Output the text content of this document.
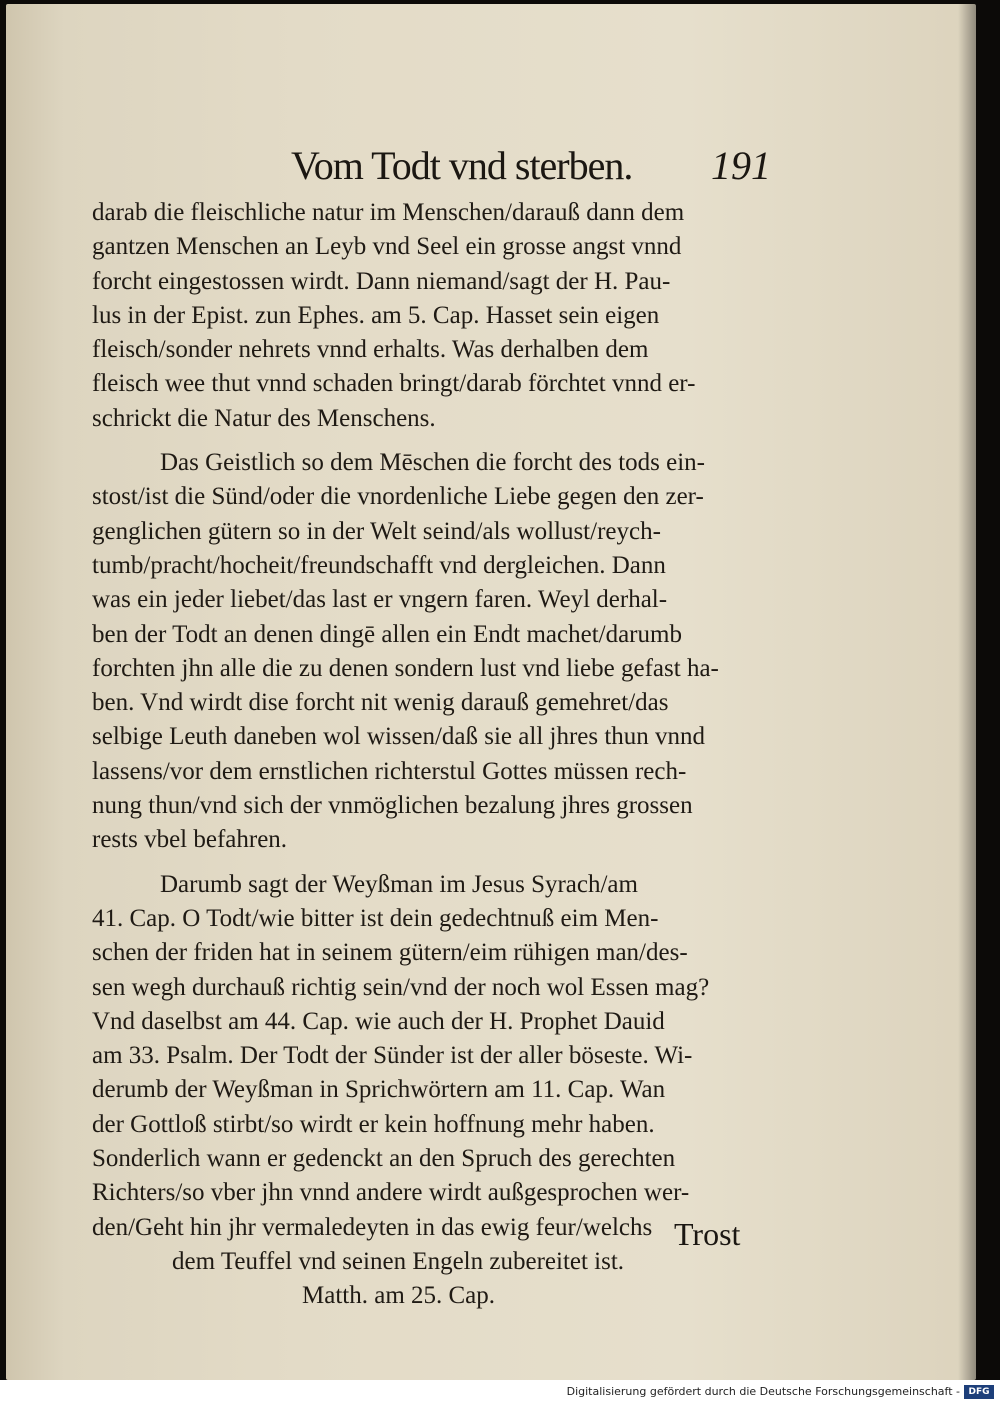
Vom Todt vnd sterben. 191
darab die fleischliche natur im Menschen/darauß dann dem
gantzen Menschen an Leyb vnd Seel ein grosse angst vnnd
forcht eingestossen wirdt. Dann niemand/sagt der H. Pau-
lus in der Epist. zun Ephes. am 5. Cap. Hasset sein eigen
fleisch/sonder nehrets vnnd erhalts. Was derhalben dem
fleisch wee thut vnnd schaden bringt/darab förchtet vnnd er-
schrickt die Natur des Menschens.
Das Geistlich so dem Mēschen die forcht des tods ein-
stost/ist die Sünd/oder die vnordenliche Liebe gegen den zer-
genglichen gütern so in der Welt seind/als wollust/reych-
tumb/pracht/hocheit/freundschafft vnd dergleichen. Dann
was ein jeder liebet/das last er vngern faren. Weyl derhal-
ben der Todt an denen dingē allen ein Endt machet/darumb
forchten jhn alle die zu denen sondern lust vnd liebe gefast ha-
ben. Vnd wirdt dise forcht nit wenig darauß gemehret/das
selbige Leuth daneben wol wissen/daß sie all jhres thun vnnd
lassens/vor dem ernstlichen richterstul Gottes müssen rech-
nung thun/vnd sich der vnmöglichen bezalung jhres grossen
rests vbel befahren.
Darumb sagt der Weyßman im Jesus Syrach/am
41. Cap. O Todt/wie bitter ist dein gedechtnuß eim Men-
schen der friden hat in seinem gütern/eim rühigen man/des-
sen wegh durchauß richtig sein/vnd der noch wol Essen mag?
Vnd daselbst am 44. Cap. wie auch der H. Prophet Dauid
am 33. Psalm. Der Todt der Sünder ist der aller böseste. Wi-
derumb der Weyßman in Sprichwörtern am 11. Cap. Wan
der Gottloß stirbt/so wirdt er kein hoffnung mehr haben.
Sonderlich wann er gedenckt an den Spruch des gerechten
Richters/so vber jhn vnnd andere wirdt außgesprochen wer-
den/Geht hin jhr vermaledeyten in das ewig feur/welchs
dem Teuffel vnd seinen Engeln zubereitet ist.
Matth. am 25. Cap.
Trost
Digitalisierung gefördert durch die Deutsche Forschungsgemeinschaft - DFG
